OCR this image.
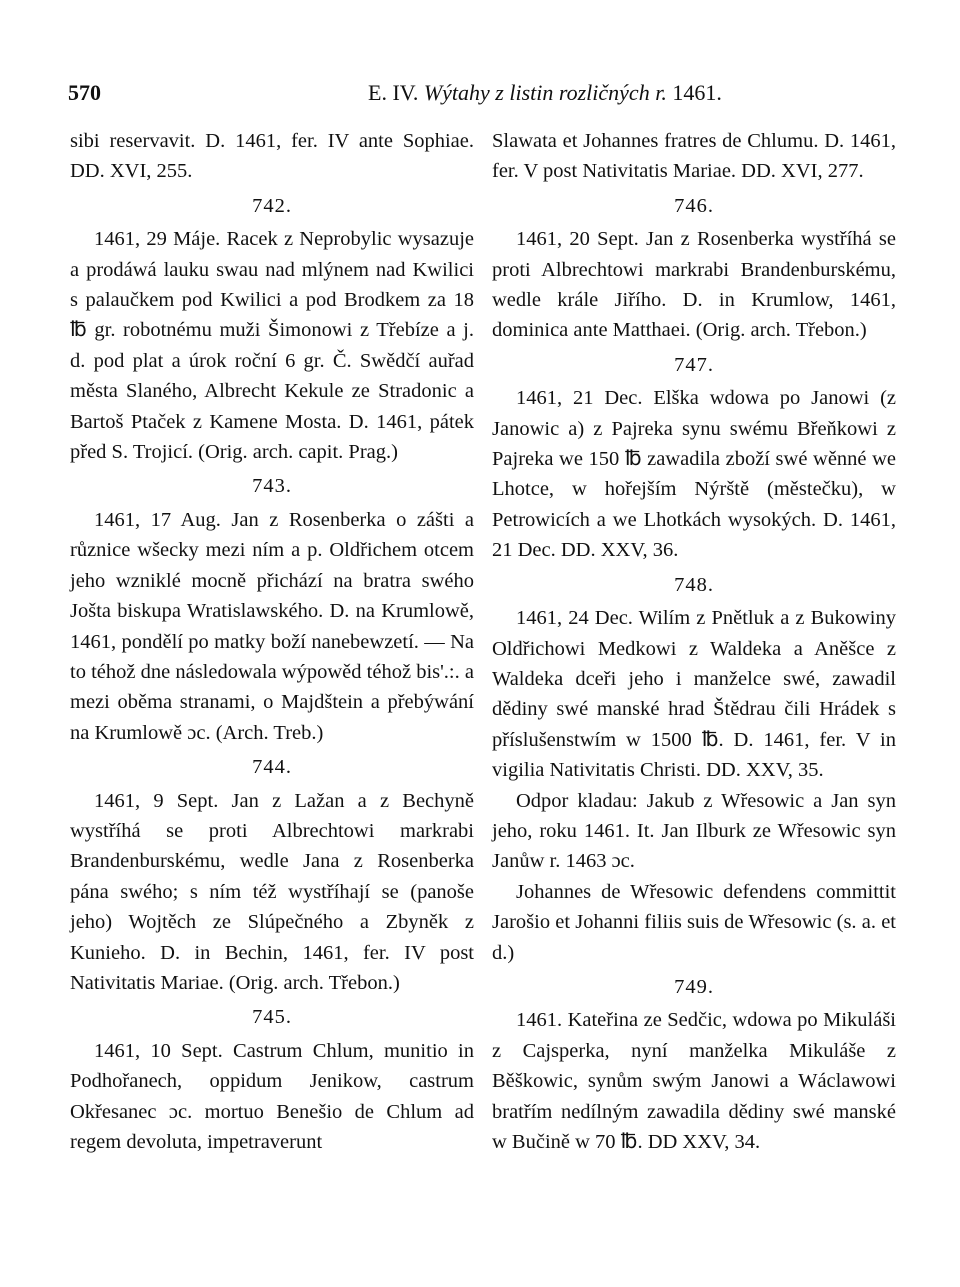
570	E. IV. Wýtahy z listin rozličných r. 1461.

sibi reservavit. D. 1461, fer. IV ante Sophiae. DD. XVI, 255.

742.

1461, 29 Máje. Racek z Neprobylic wysazuje a prodáwá lauku swau nad mlýnem nad Kwilici s palaučkem pod Kwilici a pod Brodkem za 18 ℔ gr. robotnému muži Šimonowi z Třebíze a j. d. pod plat a úrok roční 6 gr. Č. Swědčí auřad města Slaného, Albrecht Kekule ze Stradonic a Bartoš Ptaček z Kamene Mosta. D. 1461, pátek před S. Trojicí. (Orig. arch. capit. Prag.)

743.

1461, 17 Aug. Jan z Rosenberka o zášti a různice wšecky mezi ním a p. Oldřichem otcem jeho wzniklé mocně přichází na bratra swého Jošta biskupa Wratislawského. D. na Krumlowě, 1461, pondělí po matky boží nanebewzetí. — Na to téhož dne následowala wýpowěd téhož bis'.:. a mezi oběma stranami, o Majdštein a přebýwání na Krumlowě ɔc. (Arch. Treb.)

744.

1461, 9 Sept. Jan z Lažan a z Bechyně wystříhá se proti Albrechtowi markrabi Brandenburskému, wedle Jana z Rosenberka pána swého; s ním též wystříhají se (panoše jeho) Wojtěch ze Slúpečného a Zbyněk z Kunieho. D. in Bechin, 1461, fer. IV post Nativitatis Mariae. (Orig. arch. Třebon.)

745.

1461, 10 Sept. Castrum Chlum, munitio in Podhořanech, oppidum Jenikow, castrum Okřesanec ɔc. mortuo Benešio de Chlum ad regem devoluta, impetraverunt

Slawata et Johannes fratres de Chlumu. D. 1461, fer. V post Nativitatis Mariae. DD. XVI, 277.

746.

1461, 20 Sept. Jan z Rosenberka wystříhá se proti Albrechtowi markrabi Brandenburskému, wedle krále Jiřího. D. in Krumlow, 1461, dominica ante Matthaei. (Orig. arch. Třebon.)

747.

1461, 21 Dec. Elška wdowa po Janowi (z Janowic a) z Pajreka synu swému Břeňkowi z Pajreka we 150 ℔ zawadila zboží swé wěnné we Lhotce, w hořejším Nýrště (městečku), w Petrowicích a we Lhotkách wysokých. D. 1461, 21 Dec. DD. XXV, 36.

748.

1461, 24 Dec. Wilím z Pnětluk a z Bukowiny Oldřichowi Medkowi z Waldeka a Aněšce z Waldeka dceři jeho i manželce swé, zawadil dědiny swé manské hrad Štědrau čili Hrádek s příslušenstwím w 1500 ℔. D. 1461, fer. V in vigilia Nativitatis Christi. DD. XXV, 35.

Odpor kladau: Jakub z Wřesowic a Jan syn jeho, roku 1461. It. Jan Ilburk ze Wřesowic syn Janůw r. 1463 ɔc.

Johannes de Wřesowic defendens committit Jarošio et Johanni filiis suis de Wřesowic (s. a. et d.)

749.

1461. Kateřina ze Sedčic, wdowa po Mikuláši z Cajsperka, nyní manželka Mikuláše z Běškowic, synům swým Janowi a Wáclawowi bratřím nedílným zawadila dědiny swé manské w Bučině w 70 ℔. DD XXV, 34.
